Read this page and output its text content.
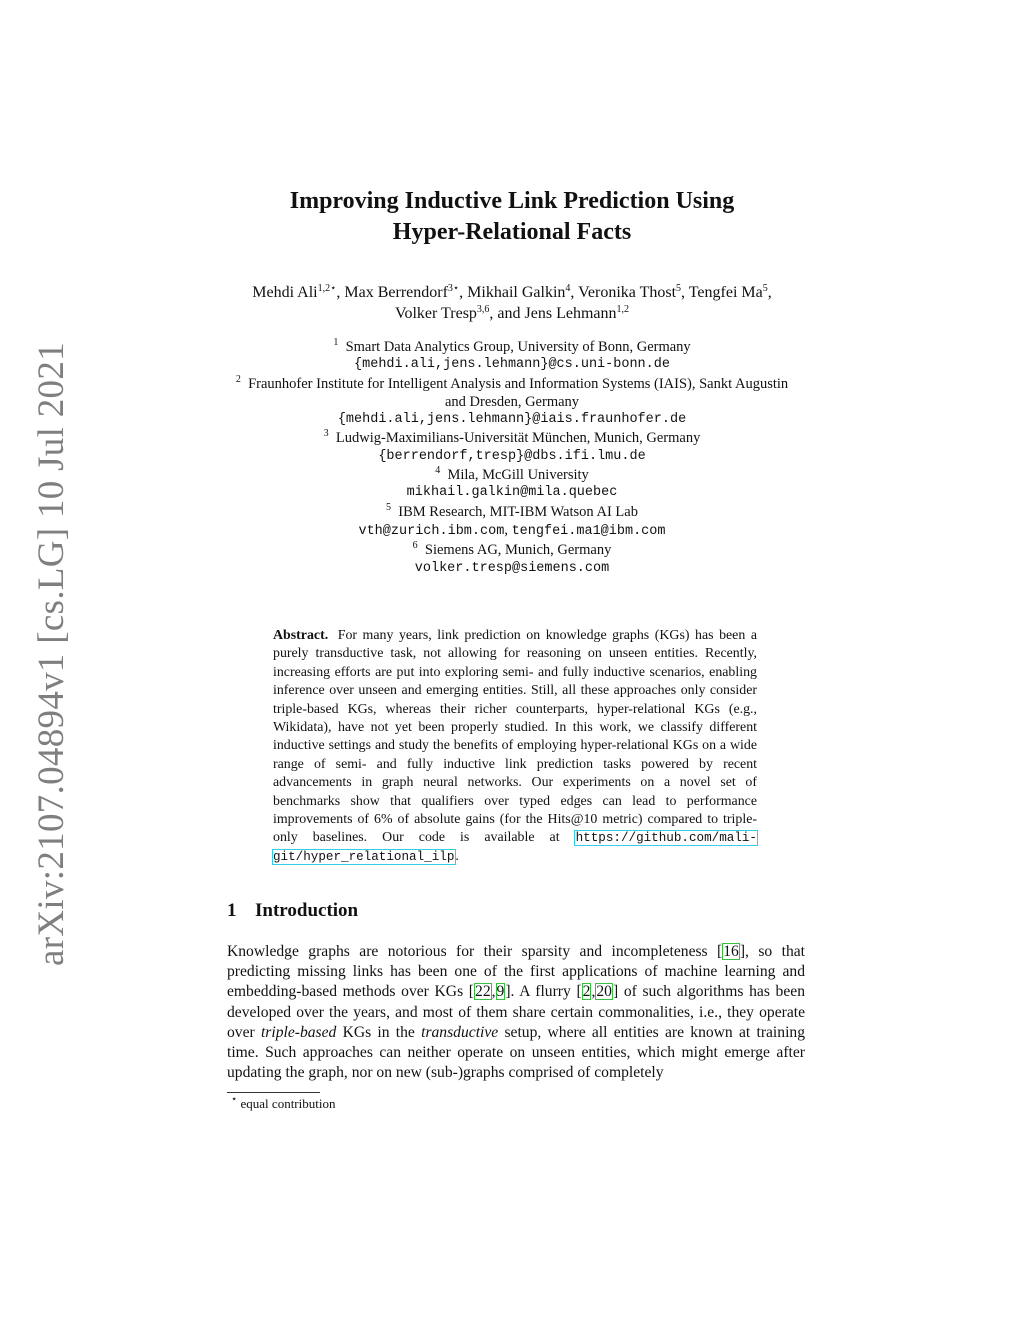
arXiv:2107.04894v1 [cs.LG] 10 Jul 2021
Improving Inductive Link Prediction Using
Hyper-Relational Facts
Mehdi Ali$^{1,2⋆}$, Max Berrendorf$^{3⋆}$, Mikhail Galkin$^4$, Veronika Thost$^5$, Tengfei Ma$^5$,
Volker Tresp$^{3,6}$, and Jens Lehmann$^{1,2}$
$^1$ Smart Data Analytics Group, University of Bonn, Germany
{mehdi.ali,jens.lehmann}@cs.uni-bonn.de
$^2$ Fraunhofer Institute for Intelligent Analysis and Information Systems (IAIS), Sankt Augustin
and Dresden, Germany
{mehdi.ali,jens.lehmann}@iais.fraunhofer.de
$^3$ Ludwig-Maximilians-Universität München, Munich, Germany
{berrendorf,tresp}@dbs.ifi.lmu.de
$^4$ Mila, McGill University
mikhail.galkin@mila.quebec
$^5$ IBM Research, MIT-IBM Watson AI Lab
vth@zurich.ibm.com, tengfei.ma1@ibm.com
$^6$ Siemens AG, Munich, Germany
volker.tresp@siemens.com
Abstract. For many years, link prediction on knowledge graphs (KGs) has been a purely transductive task, not allowing for reasoning on unseen entities. Recently, increasing efforts are put into exploring semi- and fully inductive scenarios, enabling inference over unseen and emerging entities. Still, all these approaches only consider triple-based KGs, whereas their richer counterparts, hyper-relational KGs (e.g., Wikidata), have not yet been properly studied. In this work, we classify different inductive settings and study the benefits of employing hyper-relational KGs on a wide range of semi- and fully inductive link prediction tasks powered by recent advancements in graph neural networks. Our experiments on a novel set of benchmarks show that qualifiers over typed edges can lead to performance improvements of 6% of absolute gains (for the Hits@10 metric) compared to triple-only baselines. Our code is available at https://github.com/mali-git/hyper_relational_ilp.
1 Introduction
Knowledge graphs are notorious for their sparsity and incompleteness [16], so that predicting missing links has been one of the first applications of machine learning and embedding-based methods over KGs [22,9]. A flurry [2,20] of such algorithms has been developed over the years, and most of them share certain commonalities, i.e., they operate over triple-based KGs in the transductive setup, where all entities are known at training time. Such approaches can neither operate on unseen entities, which might emerge after updating the graph, nor on new (sub-)graphs comprised of completely
⋆ equal contribution
